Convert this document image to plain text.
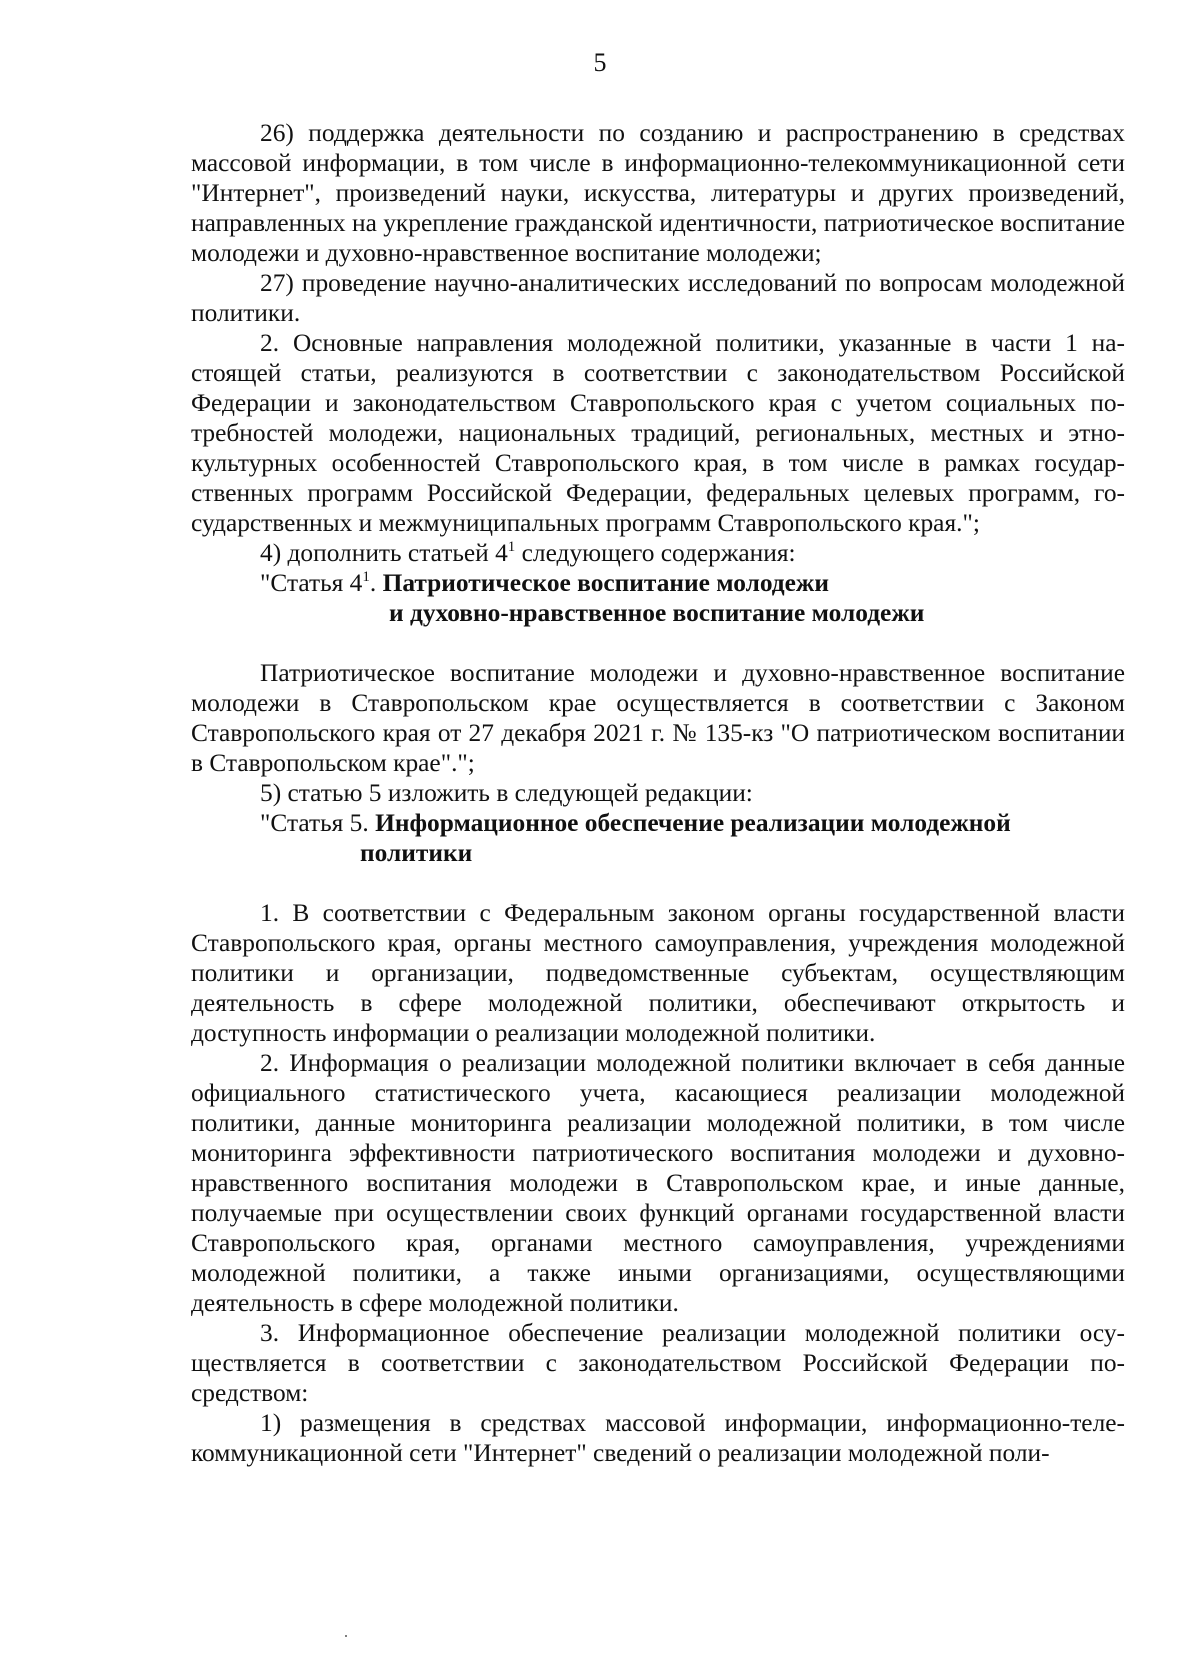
5

26) поддержка деятельности по созданию и распространению в средствах массовой информации, в том числе в информационно-телекоммуникационной сети "Интернет", произведений науки, искусства, литературы и других произведений, направленных на укрепление гражданской идентичности, патриотическое воспитание молодежи и духовно-нравственное воспитание молодежи;

27) проведение научно-аналитических исследований по вопросам молодежной политики.

2. Основные направления молодежной политики, указанные в части 1 настоящей статьи, реализуются в соответствии с законодательством Российской Федерации и законодательством Ставропольского края с учетом социальных потребностей молодежи, национальных традиций, региональных, местных и этнокультурных особенностей Ставропольского края, в том числе в рамках государственных программ Российской Федерации, федеральных целевых программ, государственных и межмуниципальных программ Ставропольского края.";

4) дополнить статьей $4^1$ следующего содержания:

"Статья $4^1$. Патриотическое воспитание молодежи
и духовно-нравственное воспитание молодежи

Патриотическое воспитание молодежи и духовно-нравственное воспитание молодежи в Ставропольском крае осуществляется в соответствии с Законом Ставропольского края от 27 декабря 2021 г. № 135-кз "О патриотическом воспитании в Ставропольском крае".";

5) статью 5 изложить в следующей редакции:

"Статья 5. Информационное обеспечение реализации молодежной
политики

1. В соответствии с Федеральным законом органы государственной власти Ставропольского края, органы местного самоуправления, учреждения молодежной политики и организации, подведомственные субъектам, осуществляющим деятельность в сфере молодежной политики, обеспечивают открытость и доступность информации о реализации молодежной политики.

2. Информация о реализации молодежной политики включает в себя данные официального статистического учета, касающиеся реализации молодежной политики, данные мониторинга реализации молодежной политики, в том числе мониторинга эффективности патриотического воспитания молодежи и духовно-нравственного воспитания молодежи в Ставропольском крае, и иные данные, получаемые при осуществлении своих функций органами государственной власти Ставропольского края, органами местного самоуправления, учреждениями молодежной политики, а также иными организациями, осуществляющими деятельность в сфере молодежной политики.

3. Информационное обеспечение реализации молодежной политики осуществляется в соответствии с законодательством Российской Федерации посредством:

1) размещения в средствах массовой информации, информационно-телекоммуникационной сети "Интернет" сведений о реализации молодежной поли-
